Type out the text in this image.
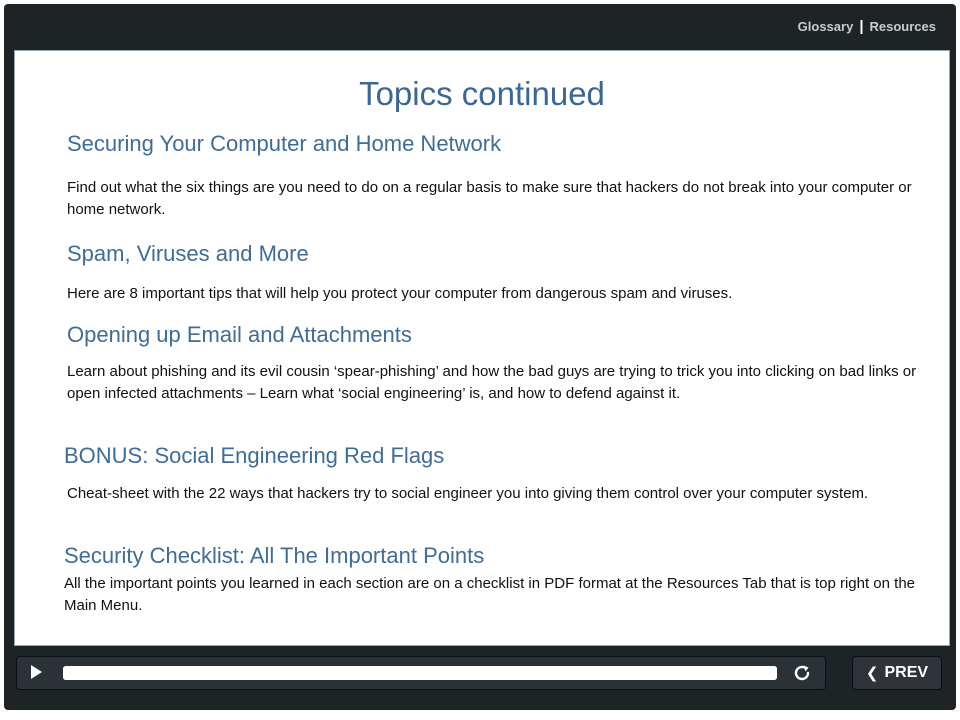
Glossary | Resources
Topics continued
Securing Your Computer and Home Network
Find out what the six things are you need to do on a regular basis to make sure that hackers do not break into your computer or home network.
Spam, Viruses and More
Here are 8 important tips that will help you protect your computer from dangerous spam and viruses.
Opening up Email and Attachments
Learn about phishing and its evil cousin ‘spear-phishing’ and how the bad guys are trying to trick you into clicking on bad links or open infected attachments – Learn what ‘social engineering’ is, and how to defend against it.
BONUS: Social Engineering Red Flags
Cheat-sheet with the 22 ways that hackers try to social engineer you into giving them control over your computer system.
Security Checklist: All The Important Points
All the important points you learned in each section are on a checklist in PDF format at the Resources Tab that is top right on the Main Menu.
❮ PREV
